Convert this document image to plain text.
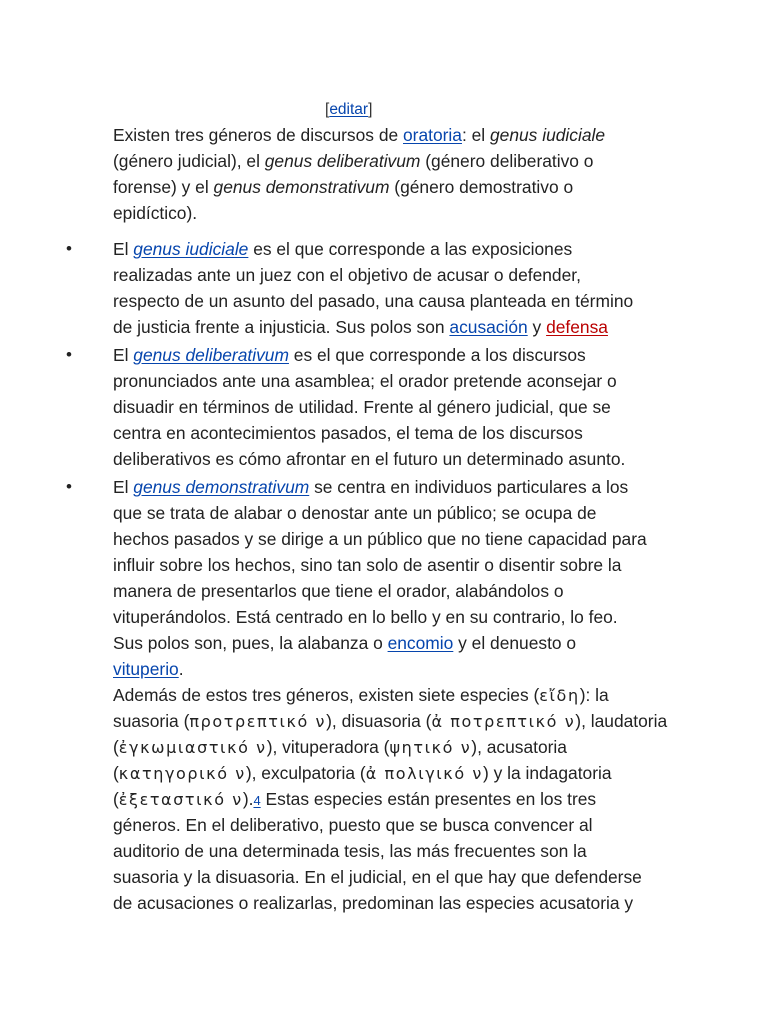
[editar]
Existen tres géneros de discursos de oratoria: el genus iudiciale
(género judicial), el genus deliberativum (género deliberativo o
forense) y el genus demonstrativum (género demostrativo o
epidíctico).
•	El genus iudiciale es el que corresponde a las exposiciones
realizadas ante un juez con el objetivo de acusar o defender,
respecto de un asunto del pasado, una causa planteada en término
de justicia frente a injusticia. Sus polos son acusación y defensa
•	El genus deliberativum es el que corresponde a los discursos
pronunciados ante una asamblea; el orador pretende aconsejar o
disuadir en términos de utilidad. Frente al género judicial, que se
centra en acontecimientos pasados, el tema de los discursos
deliberativos es cómo afrontar en el futuro un determinado asunto.
•	El genus demonstrativum se centra en individuos particulares a los
que se trata de alabar o denostar ante un público; se ocupa de
hechos pasados y se dirige a un público que no tiene capacidad para
influir sobre los hechos, sino tan solo de asentir o disentir sobre la
manera de presentarlos que tiene el orador, alabándolos o
vituperándolos. Está centrado en lo bello y en su contrario, lo feo.
Sus polos son, pues, la alabanza o encomio y el denuesto o
vituperio.
Además de estos tres géneros, existen siete especies (εἴδη): la
suasoria (προτρεπτικό ν), disuasoria (ἀ ποτρεπτικό ν), laudatoria
(ἐγκωμιαστικό ν), vituperadora (ψητικό ν), acusatoria
(κατηγορικό ν), exculpatoria (ἀ πολιγικό ν) y la indagatoria
(ἐξεταστικό ν).4 Estas especies están presentes en los tres
géneros. En el deliberativo, puesto que se busca convencer al
auditorio de una determinada tesis, las más frecuentes son la
suasoria y la disuasoria. En el judicial, en el que hay que defenderse
de acusaciones o realizarlas, predominan las especies acusatoria y
